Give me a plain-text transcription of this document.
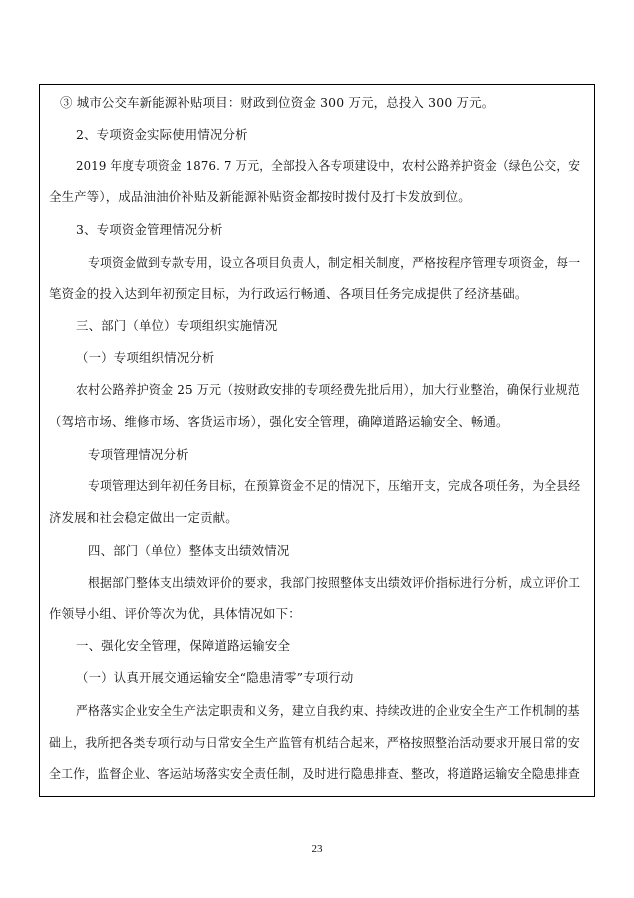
③ 城市公交车新能源补贴项目：财政到位资金 300 万元，总投入 300 万元。
2、专项资金实际使用情况分析
2019 年度专项资金 1876. 7 万元，全部投入各专项建设中，农村公路养护资金（绿色公交，安
全生产等），成品油油价补贴及新能源补贴资金都按时拨付及打卡发放到位。
3、专项资金管理情况分析
专项资金做到专款专用，设立各项目负责人，制定相关制度，严格按程序管理专项资金，每一
笔资金的投入达到年初预定目标，为行政运行畅通、各项目任务完成提供了经济基础。
三、部门（单位）专项组织实施情况
（一）专项组织情况分析
农村公路养护资金 25 万元（按财政安排的专项经费先批后用），加大行业整治，确保行业规范
（驾培市场、维修市场、客货运市场），强化安全管理，确障道路运输安全、畅通。
专项管理情况分析
专项管理达到年初任务目标，在预算资金不足的情况下，压缩开支，完成各项任务，为全县经
济发展和社会稳定做出一定贡献。
四、部门（单位）整体支出绩效情况
根据部门整体支出绩效评价的要求，我部门按照整体支出绩效评价指标进行分析，成立评价工
作领导小组、评价等次为优，具体情况如下：
一、强化安全管理，保障道路运输安全
（一）认真开展交通运输安全“隐患清零”专项行动
严格落实企业安全生产法定职责和义务，建立自我约束、持续改进的企业安全生产工作机制的基
础上，我所把各类专项行动与日常安全生产监管有机结合起来，严格按照整治活动要求开展日常的安
全工作，监督企业、客运站场落实安全责任制，及时进行隐患排查、整改，将道路运输安全隐患排查
23
